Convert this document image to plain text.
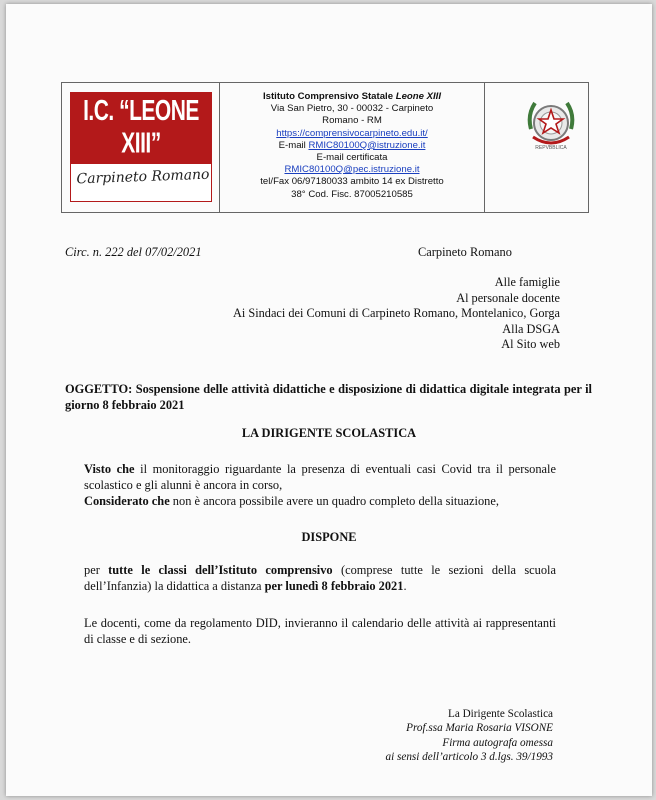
I.C. “LEONE XIII”
Carpineto Romano
Istituto Comprensivo Statale Leone XIII
Via San Pietro, 30 - 00032 - Carpineto
Romano - RM
https://comprensivocarpineto.edu.it/
E-mail RMIC80100Q@istruzione.it
E-mail certificata
RMIC80100Q@pec.istruzione.it
tel/Fax 06/97180033 ambito 14 ex Distretto
38° Cod. Fisc. 87005210585
REPVBBLICA
Circ. n. 222 del 07/02/2021	Carpineto Romano
Alle famiglie
Al personale docente
Ai Sindaci dei Comuni di Carpineto Romano, Montelanico, Gorga
Alla DSGA
Al Sito web
OGGETTO: Sospensione delle attività didattiche e disposizione di didattica digitale integrata per il giorno 8 febbraio 2021
LA DIRIGENTE SCOLASTICA
Visto che il monitoraggio riguardante la presenza di eventuali casi Covid tra il personale scolastico e gli alunni è ancora in corso,
Considerato che non è ancora possibile avere un quadro completo della situazione,
DISPONE
per tutte le classi dell’Istituto comprensivo (comprese tutte le sezioni della scuola dell’Infanzia) la didattica a distanza per lunedì 8 febbraio 2021.
Le docenti, come da regolamento DID, invieranno il calendario delle attività ai rappresentanti di classe e di sezione.
La Dirigente Scolastica
Prof.ssa Maria Rosaria VISONE
Firma autografa omessa
ai sensi dell’articolo 3 d.lgs. 39/1993
